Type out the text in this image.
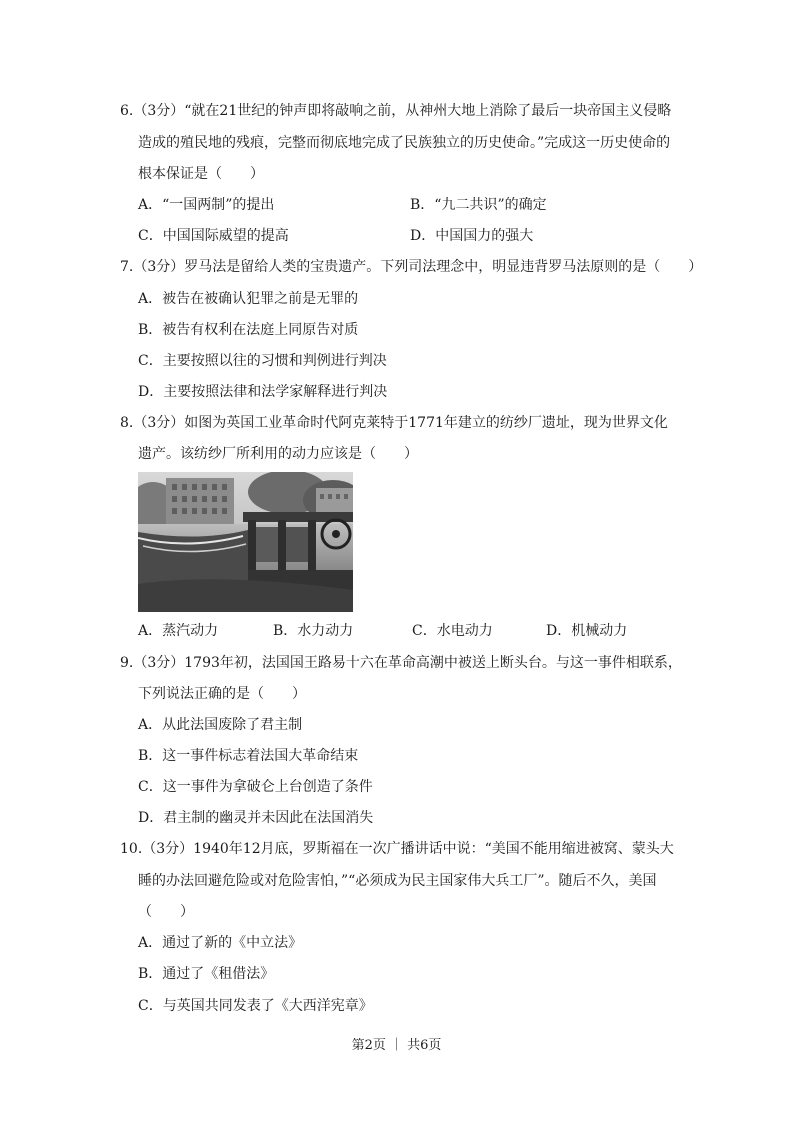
6.（3分）“就在21世纪的钟声即将敲响之前，从神州大地上消除了最后一块帝国主义侵略
造成的殖民地的残痕，完整而彻底地完成了民族独立的历史使命。”完成这一历史使命的
根本保证是（　　）
A．“一国两制”的提出	B．“九二共识”的确定
C．中国国际威望的提高	D．中国国力的强大
7.（3分）罗马法是留给人类的宝贵遗产。下列司法理念中，明显违背罗马法原则的是（　　）
A．被告在被确认犯罪之前是无罪的
B．被告有权利在法庭上同原告对质
C．主要按照以往的习惯和判例进行判决
D．主要按照法律和法学家解释进行判决
8.（3分）如图为英国工业革命时代阿克莱特于1771年建立的纺纱厂遗址，现为世界文化
遗产。该纺纱厂所利用的动力应该是（　　）
A．蒸汽动力	B．水力动力	C．水电动力	D．机械动力
9.（3分）1793年初，法国国王路易十六在革命高潮中被送上断头台。与这一事件相联系，
下列说法正确的是（　　）
A．从此法国废除了君主制
B．这一事件标志着法国大革命结束
C．这一事件为拿破仑上台创造了条件
D．君主制的幽灵并未因此在法国消失
10.（3分）1940年12月底，罗斯福在一次广播讲话中说：“美国不能用缩进被窝、蒙头大
睡的办法回避危险或对危险害怕，”“必须成为民主国家伟大兵工厂”。随后不久，美国
（　　）
A．通过了新的《中立法》
B．通过了《租借法》
C．与英国共同发表了《大西洋宪章》
第2页 ｜ 共6页
